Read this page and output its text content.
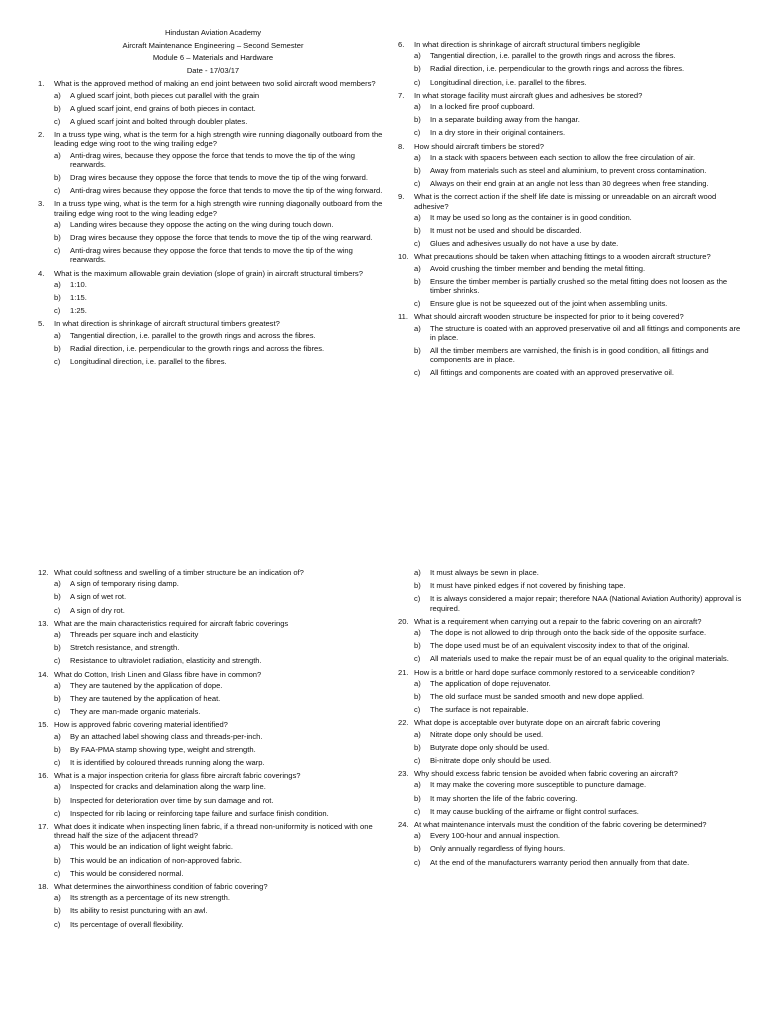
Hindustan Aviation Academy
Aircraft Maintenance Engineering – Second Semester
Module 6 – Materials and Hardware
Date - 17/03/17
1.	What is the approved method of making an end joint between two solid aircraft wood members?
a)	A glued scarf joint, both pieces cut parallel with the grain
b)	A glued scarf joint, end grains of both pieces in contact.
c)	A glued scarf joint and bolted through doubler plates.
2.	In a truss type wing, what is the term for a high strength wire running diagonally outboard from the leading edge wing root to the wing trailing edge?
a)	Anti-drag wires, because they oppose the force that tends to move the tip of the wing rearwards.
b)	Drag wires because they oppose the force that tends to move the tip of the wing forward.
c)	Anti-drag wires because they oppose the force that tends to move the tip of the wing forward.
3.	In a truss type wing, what is the term for a high strength wire running diagonally outboard from the trailing edge wing root to the wing leading edge?
a)	Landing wires because they oppose the acting on the wing during touch down.
b)	Drag wires because they oppose the force that tends to move the tip of the wing rearward.
c)	Anti-drag wires because they oppose the force that tends to move the tip of the wing rearwards.
4.	What is the maximum allowable grain deviation (slope of grain) in aircraft structural timbers?
a)	1:10.
b)	1:15.
c)	1:25.
5.	In what direction is shrinkage of aircraft structural timbers greatest?
a)	Tangential direction, i.e. parallel to the growth rings and across the fibres.
b)	Radial direction, i.e. perpendicular to the growth rings and across the fibres.
c)	Longitudinal direction, i.e. parallel to the fibres.
6.	In what direction is shrinkage of aircraft structural timbers negligible
a)	Tangential direction, i.e. parallel to the growth rings and across the fibres.
b)	Radial direction, i.e. perpendicular to the growth rings and across the fibres.
c)	Longitudinal direction, i.e. parallel to the fibres.
7.	In what storage facility must aircraft glues and adhesives be stored?
a)	In a locked fire proof cupboard.
b)	In a separate building away from the hangar.
c)	In a dry store in their original containers.
8.	How should aircraft timbers be stored?
a)	In a stack with spacers between each section to allow the free circulation of air.
b)	Away from materials such as steel and aluminium, to prevent cross contamination.
c)	Always on their end grain at an angle not less than 30 degrees when free standing.
9.	What is the correct action if the shelf life date is missing or unreadable on an aircraft wood adhesive?
a)	It may be used so long as the container is in good condition.
b)	It must not be used and should be discarded.
c)	Glues and adhesives usually do not have a use by date.
10. What precautions should be taken when attaching fittings to a wooden aircraft structure?
a)	Avoid crushing the timber member and bending the metal fitting.
b)	Ensure the timber member is partially crushed so the metal fitting does not loosen as the timber shrinks.
c)	Ensure glue is not be squeezed out of the joint when assembling units.
11. What should aircraft wooden structure be inspected for prior to it being covered?
a)	The structure is coated with an approved preservative oil and all fittings and components are in place.
b)	All the timber members are varnished, the finish is in good condition, all fittings and components are in place.
c)	All fittings and components are coated with an approved preservative oil.
12. What could softness and swelling of a timber structure be an indication of?
a)	A sign of temporary rising damp.
b)	A sign of wet rot.
c)	A sign of dry rot.
13. What are the main characteristics required for aircraft fabric coverings
a)	Threads per square inch and elasticity
b)	Stretch resistance, and strength.
c)	Resistance to ultraviolet radiation, elasticity and strength.
14. What do Cotton, Irish Linen and Glass fibre have in common?
a)	They are tautened by the application of dope.
b)	They are tautened by the application of heat.
c)	They are man-made organic materials.
15. How is approved fabric covering material identified?
a)	By an attached label showing class and threads-per-inch.
b)	By FAA-PMA stamp showing type, weight and strength.
c)	It is identified by coloured threads running along the warp.
16. What is a major inspection criteria for glass fibre aircraft fabric coverings?
a)	Inspected for cracks and delamination along the warp line.
b)	Inspected for deterioration over time by sun damage and rot.
c)	Inspected for rib lacing or reinforcing tape failure and surface finish condition.
17. What does it indicate when inspecting linen fabric, if a thread non-uniformity is noticed with one thread half the size of the adjacent thread?
a)	This would be an indication of light weight fabric.
b)	This would be an indication of non-approved fabric.
c)	This would be considered normal.
18. What determines the airworthiness condition of fabric covering?
a)	Its strength as a percentage of its new strength.
b)	Its ability to resist puncturing with an awl.
c)	Its percentage of overall flexibility.
a)	It must always be sewn in place.
b)	It must have pinked edges if not covered by finishing tape.
c)	It is always considered a major repair; therefore NAA (National Aviation Authority) approval is required.
20. What is a requirement when carrying out a repair to the fabric covering on an aircraft?
a)	The dope is not allowed to drip through onto the back side of the opposite surface.
b)	The dope used must be of an equivalent viscosity index to that of the original.
c)	All materials used to make the repair must be of an equal quality to the original materials.
21. How is a brittle or hard dope surface commonly restored to a serviceable condition?
a)	The application of dope rejuvenator.
b)	The old surface must be sanded smooth and new dope applied.
c)	The surface is not repairable.
22. What dope is acceptable over butyrate dope on an aircraft fabric covering
a)	Nitrate dope only should be used.
b)	Butyrate dope only should be used.
c)	Bi-nitrate dope only should be used.
23. Why should excess fabric tension be avoided when fabric covering an aircraft?
a)	It may make the covering more susceptible to puncture damage.
b)	It may shorten the life of the fabric covering.
c)	It may cause buckling of the airframe or flight control surfaces.
24. At what maintenance intervals must the condition of the fabric covering be determined?
a)	Every 100-hour and annual inspection.
b)	Only annually regardless of flying hours.
c)	At the end of the manufacturers warranty period then annually from that date.
